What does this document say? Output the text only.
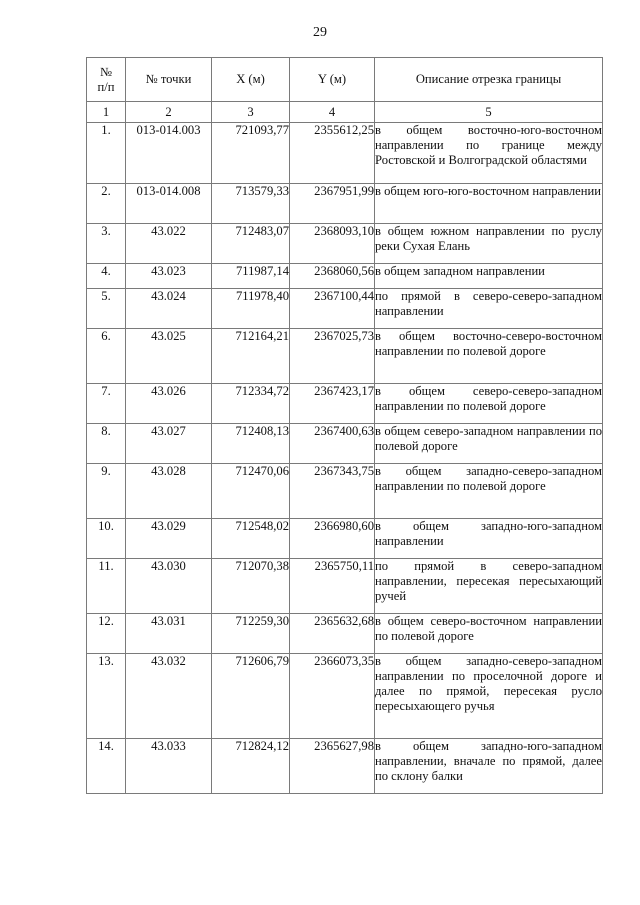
29
№
п/п	№ точки	X (м)	Y (м)	Описание отрезка границы
1	2	3	4	5
1.	013-014.003	721093,77	2355612,25	в общем восточно-юго-восточном направлении по границе между Ростовской и Волгоградской областями
2.	013-014.008	713579,33	2367951,99	в общем юго-юго-восточном направлении
3.	43.022	712483,07	2368093,10	в общем южном направлении по руслу реки Сухая Елань
4.	43.023	711987,14	2368060,56	в общем западном направлении
5.	43.024	711978,40	2367100,44	по прямой в северо-северо-западном направлении
6.	43.025	712164,21	2367025,73	в общем восточно-северо-восточном направлении по полевой дороге
7.	43.026	712334,72	2367423,17	в общем северо-северо-западном направлении по полевой дороге
8.	43.027	712408,13	2367400,63	в общем северо-западном направлении по полевой дороге
9.	43.028	712470,06	2367343,75	в общем западно-северо-западном направлении по полевой дороге
10.	43.029	712548,02	2366980,60	в общем западно-юго-западном направлении
11.	43.030	712070,38	2365750,11	по прямой в северо-западном направлении, пересекая пересыхающий ручей
12.	43.031	712259,30	2365632,68	в общем северо-восточном направлении по полевой дороге
13.	43.032	712606,79	2366073,35	в общем западно-северо-западном направлении по проселочной дороге и далее по прямой, пересекая русло пересыхающего ручья
14.	43.033	712824,12	2365627,98	в общем западно-юго-западном направлении, вначале по прямой, далее по склону балки
